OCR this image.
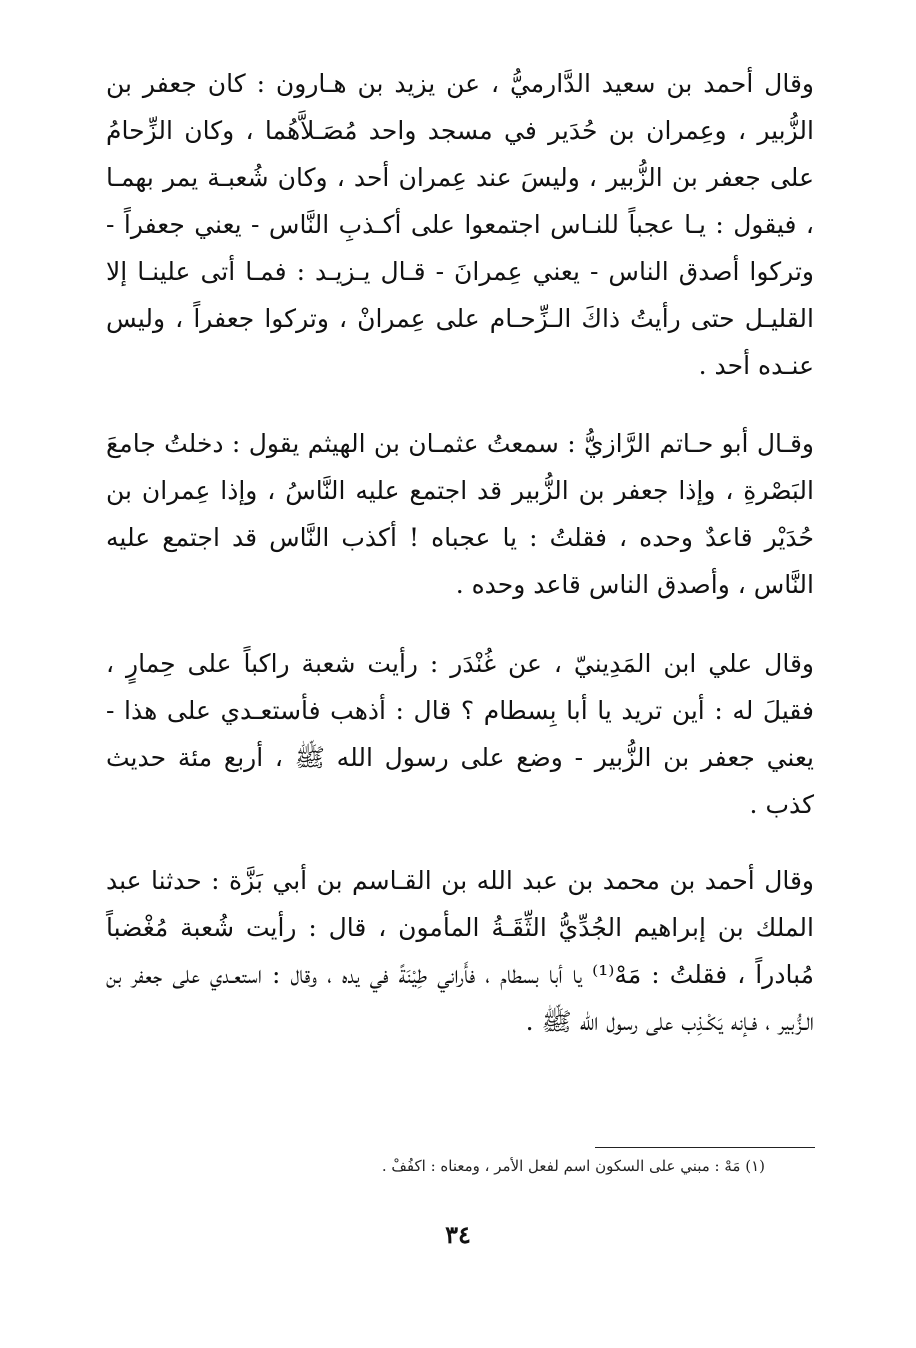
وقال أحمد بن سعيد الدَّارميُّ ، عن يزيد بن هـارون : كان جعفر بن الزُّبير ، وعِمران بن حُدَير في مسجد واحد مُصَـلاَّهُما ، وكان الزِّحامُ على جعفر بن الزُّبير ، وليسَ عند عِمران أحد ، وكان شُعبـة يمر بهمـا ، فيقول : يـا عجباً للنـاس اجتمعوا على أكـذبِ النَّاس - يعني جعفراً - وتركوا أصدق الناس - يعني عِمرانَ - قـال يـزيـد : فمـا أتى علينـا إلا القليـل حتى رأيتُ ذاكَ الـزِّحـام على عِمرانْ ، وتركوا جعفراً ، وليس عنـده أحد .

وقـال أبو حـاتم الرَّازيُّ : سمعتُ عثمـان بن الهيثم يقول : دخلتُ جامعَ البَصْرةِ ، وإذا جعفر بن الزُّبير قد اجتمع عليه النَّاسُ ، وإذا عِمران بن حُدَيْر قاعدٌ وحده ، فقلتُ : يا عجباه ! أكذب النَّاس قد اجتمع عليه النَّاس ، وأصدق الناس قاعد وحده .

وقال علي ابن المَدِينيّ ، عن غُنْدَر : رأيت شعبة راكباً على حِمارٍ ، فقيلَ له : أين تريد يا أبا بِسطام ؟ قال : أذهب فأستعـدي على هذا - يعني جعفر بن الزُّبير - وضع على رسول الله ﷺ ، أربع مئة حديث كذب .

وقال أحمد بن محمد بن عبد الله بن القـاسم بن أبي بَزَّة : حدثنا عبد الملك بن إبراهيم الجُدِّيُّ الثِّقَـةُ المأمون ، قال : رأيت شُعبة مُغْضباً مُبادراً ، فقلتُ : مَهْ⁽¹⁾ يا أبا بسطام ، فأَراني طِيْنَةً في يده ، وقال : استعـدي على جعفر بن الـزُّبير ، فـإنه يَكْـذِب على رسول الله ﷺ .

(١) مَهْ : مبني على السكون اسم لفعل الأمر ، ومعناه : اكفُفْ .
٣٤
